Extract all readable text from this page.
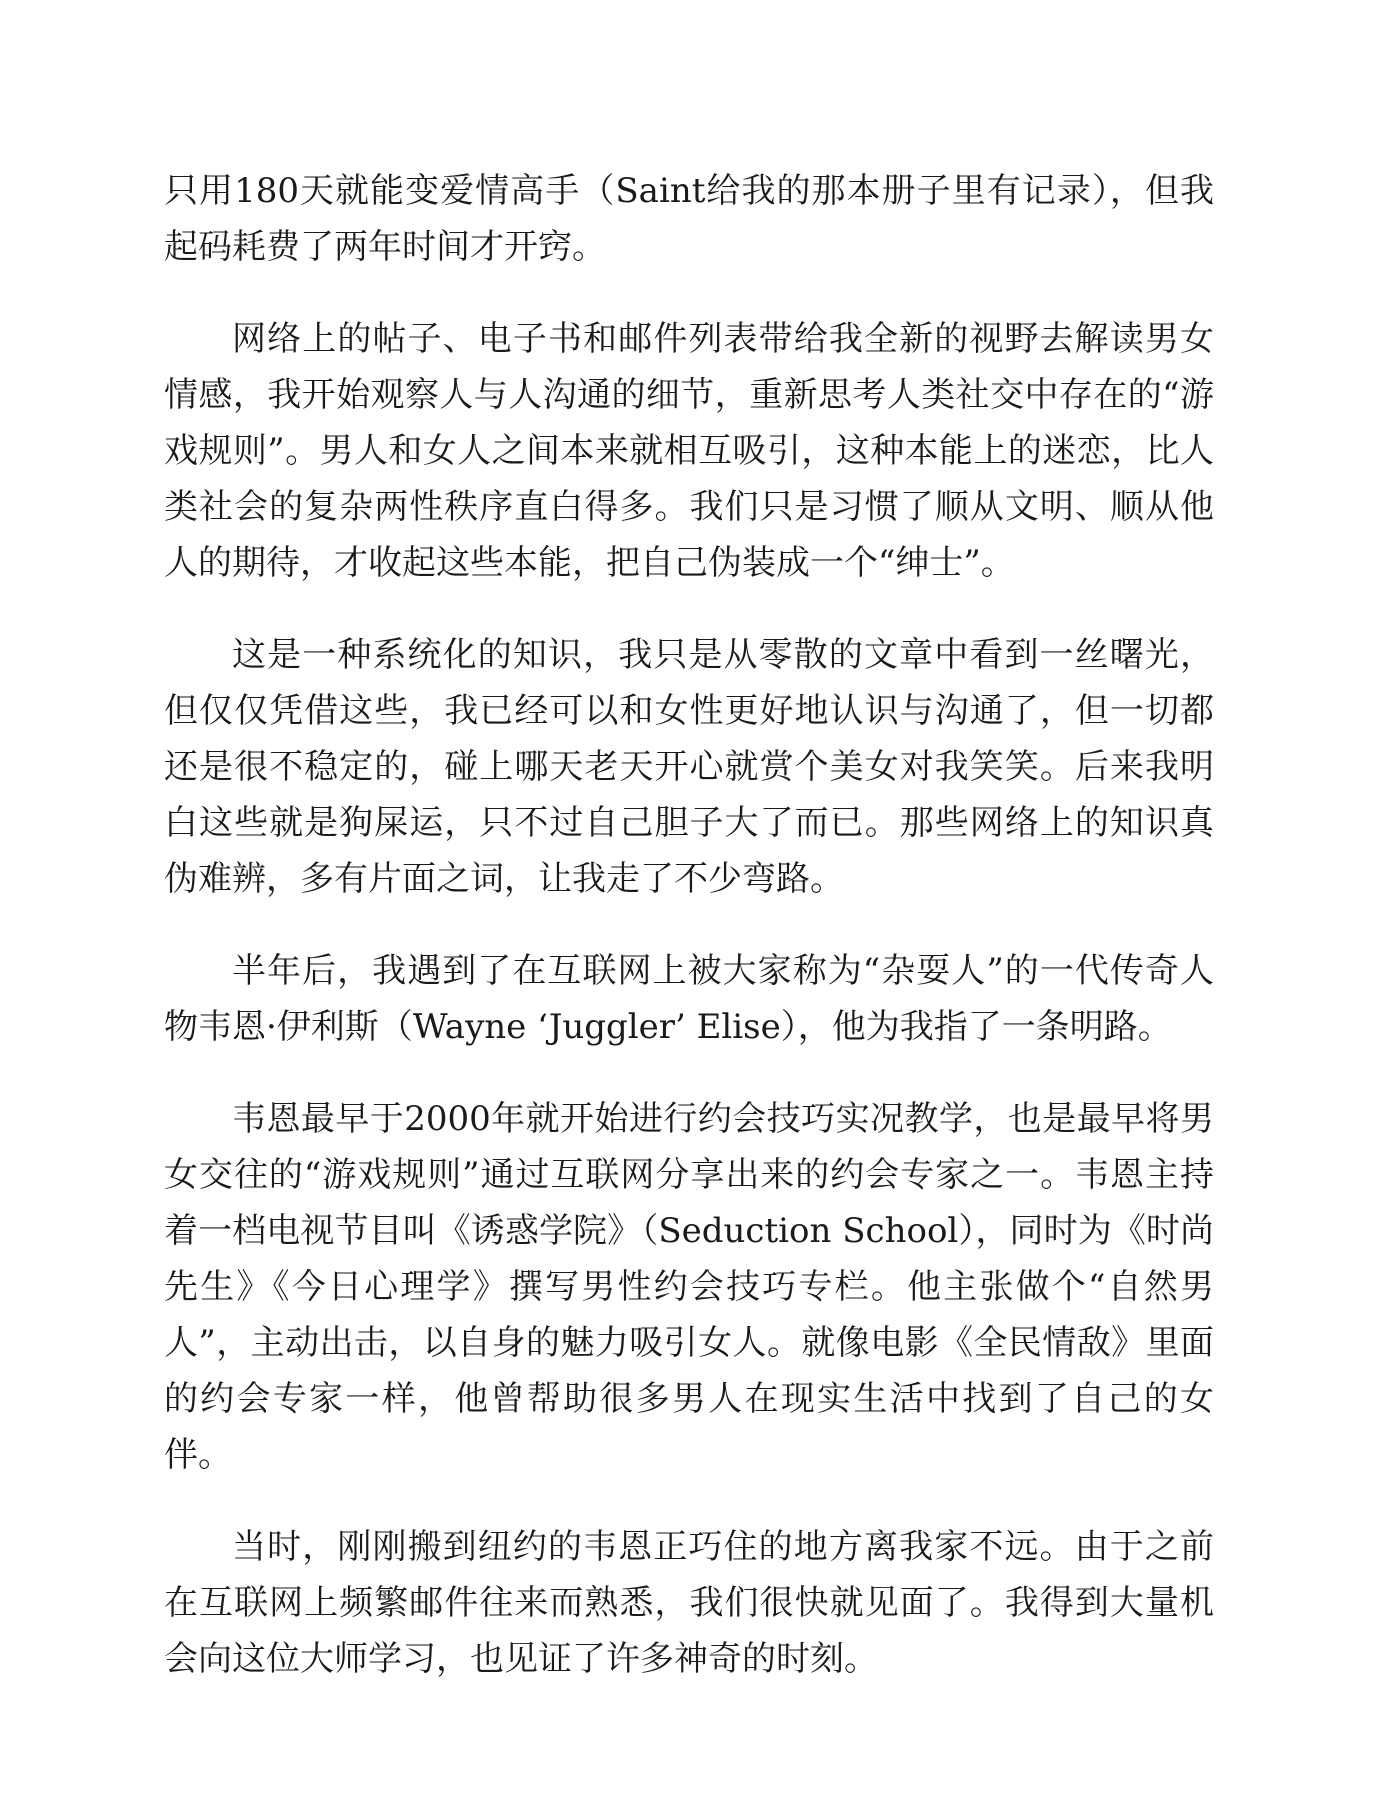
只用180天就能变爱情高手（Saint给我的那本册子里有记录），但我起码耗费了两年时间才开窍。

网络上的帖子、电子书和邮件列表带给我全新的视野去解读男女情感，我开始观察人与人沟通的细节，重新思考人类社交中存在的“游戏规则”。男人和女人之间本来就相互吸引，这种本能上的迷恋，比人类社会的复杂两性秩序直白得多。我们只是习惯了顺从文明、顺从他人的期待，才收起这些本能，把自己伪装成一个“绅士”。

这是一种系统化的知识，我只是从零散的文章中看到一丝曙光，但仅仅凭借这些，我已经可以和女性更好地认识与沟通了，但一切都还是很不稳定的，碰上哪天老天开心就赏个美女对我笑笑。后来我明白这些就是狗屎运，只不过自己胆子大了而已。那些网络上的知识真伪难辨，多有片面之词，让我走了不少弯路。

半年后，我遇到了在互联网上被大家称为“杂耍人”的一代传奇人物韦恩·伊利斯（Wayne ‘Juggler’ Elise），他为我指了一条明路。

韦恩最早于2000年就开始进行约会技巧实况教学，也是最早将男女交往的“游戏规则”通过互联网分享出来的约会专家之一。韦恩主持着一档电视节目叫《诱惑学院》（Seduction School），同时为《时尚先生》《今日心理学》撰写男性约会技巧专栏。他主张做个“自然男人”，主动出击，以自身的魅力吸引女人。就像电影《全民情敌》里面的约会专家一样，他曾帮助很多男人在现实生活中找到了自己的女伴。

当时，刚刚搬到纽约的韦恩正巧住的地方离我家不远。由于之前在互联网上频繁邮件往来而熟悉，我们很快就见面了。我得到大量机会向这位大师学习，也见证了许多神奇的时刻。
